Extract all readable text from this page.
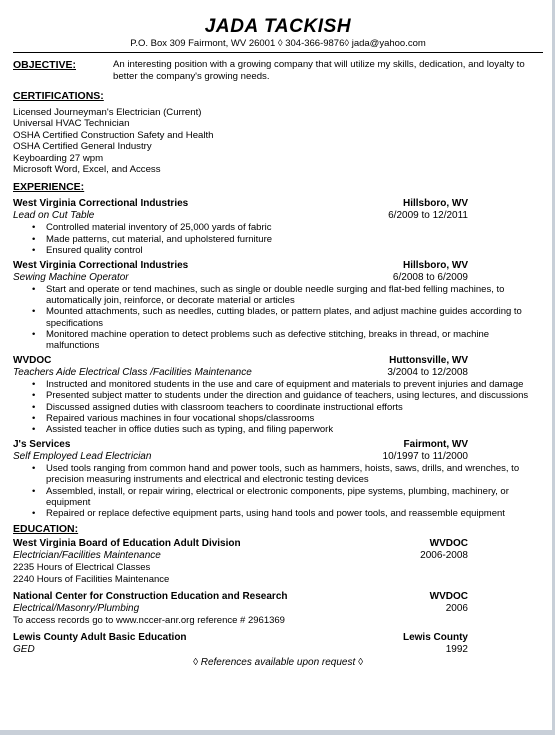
JADA TACKISH
P.O. Box 309 Fairmont, WV 26001 ◊ 304-366-9876◊ jada@yahoo.com
OBJECTIVE:	An interesting position with a growing company that will utilize my skills, dedication, and loyalty to better the company's growing needs.
CERTIFICATIONS:
Licensed Journeyman's Electrician (Current)
Universal HVAC Technician
OSHA Certified Construction Safety and Health
OSHA Certified General Industry
Keyboarding 27 wpm
Microsoft Word, Excel, and Access
EXPERIENCE:
West Virginia Correctional Industries	Hillsboro, WV
Lead on Cut Table	6/2009 to 12/2011
• Controlled material inventory of 25,000 yards of fabric
• Made patterns, cut material, and upholstered furniture
• Ensured quality control
West Virginia Correctional Industries	Hillsboro, WV
Sewing Machine Operator	6/2008 to 6/2009
• Start and operate or tend machines, such as single or double needle surging and flat-bed felling machines, to automatically join, reinforce, or decorate material or articles
• Mounted attachments, such as needles, cutting blades, or pattern plates, and adjust machine guides according to specifications
• Monitored machine operation to detect problems such as defective stitching, breaks in thread, or machine malfunctions
WVDOC	Huttonsville, WV
Teachers Aide Electrical Class /Facilities Maintenance	3/2004 to 12/2008
• Instructed and monitored students in the use and care of equipment and materials to prevent injuries and damage
• Presented subject matter to students under the direction and guidance of teachers, using lectures, and discussions
• Discussed assigned duties with classroom teachers to coordinate instructional efforts
• Repaired various machines in four vocational shops/classrooms
• Assisted teacher in office duties such as typing, and filing paperwork
J's Services	Fairmont, WV
Self Employed Lead Electrician	10/1997 to 11/2000
• Used tools ranging from common hand and power tools, such as hammers, hoists, saws, drills, and wrenches, to precision measuring instruments and electrical and electronic testing devices
• Assembled, install, or repair wiring, electrical or electronic components, pipe systems, plumbing, machinery, or equipment
• Repaired or replace defective equipment parts, using hand tools and power tools, and reassemble equipment
EDUCATION:
West Virginia Board of Education Adult Division	WVDOC
Electrician/Facilities Maintenance	2006-2008
2235 Hours of Electrical Classes
2240 Hours of Facilities Maintenance
National Center for Construction Education and Research	WVDOC
Electrical/Masonry/Plumbing	2006
To access records go to www.nccer-anr.org reference # 2961369
Lewis County Adult Basic Education	Lewis County
GED	1992
◊ References available upon request ◊
